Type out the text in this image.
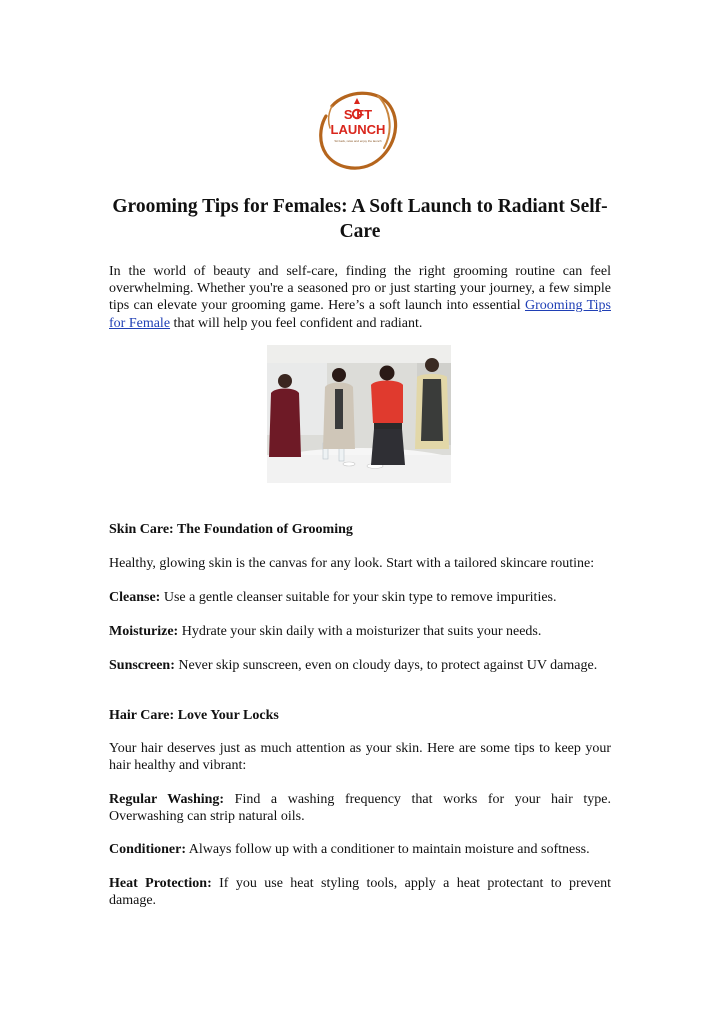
S FT
LAUNCH
Sit back, relax and enjoy the launch
Grooming Tips for Females: A Soft Launch to Radiant Self-Care

In the world of beauty and self-care, finding the right grooming routine can feel overwhelming. Whether you're a seasoned pro or just starting your journey, a few simple tips can elevate your grooming game. Here’s a soft launch into essential Grooming Tips for Female that will help you feel confident and radiant.

Skin Care: The Foundation of Grooming

Healthy, glowing skin is the canvas for any look. Start with a tailored skincare routine:

Cleanse: Use a gentle cleanser suitable for your skin type to remove impurities.

Moisturize: Hydrate your skin daily with a moisturizer that suits your needs.

Sunscreen: Never skip sunscreen, even on cloudy days, to protect against UV damage.

Hair Care: Love Your Locks

Your hair deserves just as much attention as your skin. Here are some tips to keep your hair healthy and vibrant:

Regular Washing: Find a washing frequency that works for your hair type. Overwashing can strip natural oils.

Conditioner: Always follow up with a conditioner to maintain moisture and softness.

Heat Protection: If you use heat styling tools, apply a heat protectant to prevent damage.
